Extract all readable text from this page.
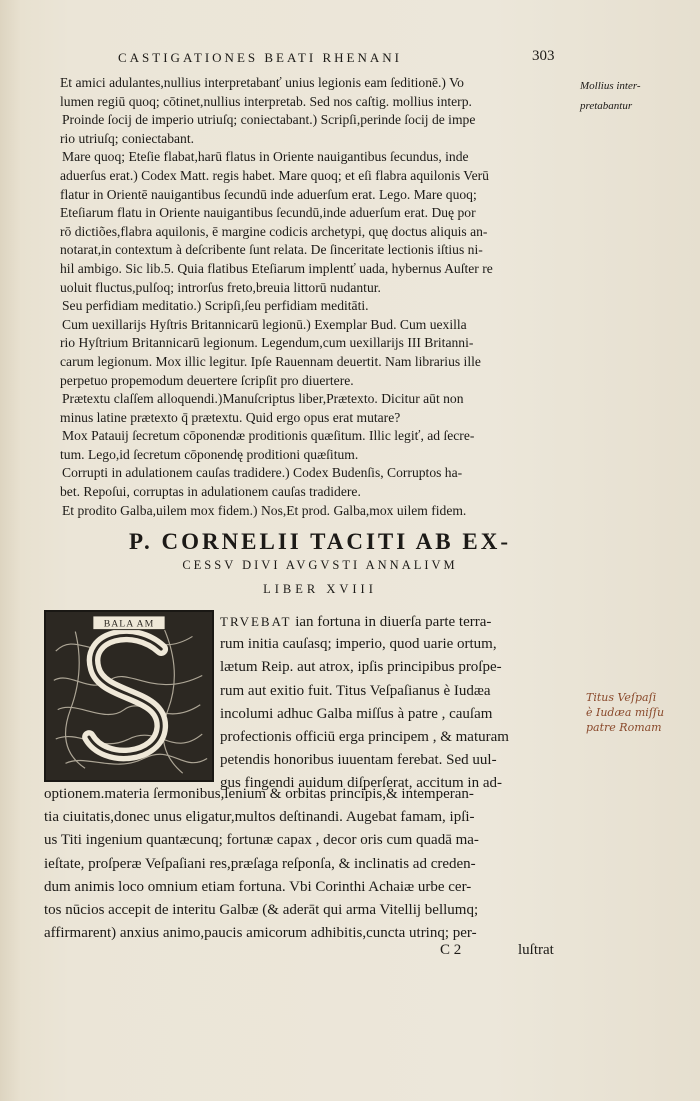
CASTIGATIONES BEATI RHENANI	303
Et amici adulantes,nullius interpretabanť unius legionis eam ſeditionē.) Vo
lumen regiū quoq; cōtinet,nullius interpretab. Sed nos caſtig. mollius interp.
Proinde ſocij de imperio utriuſq; coniectabant.) Scripſi,perinde ſocij de impe
rio utriuſq; coniectabant.
Mare quoq; Eteſie flabat,harū flatus in Oriente nauigantibus ſecundus, inde
aduerſus erat.) Codex Matt. regis habet. Mare quoq; et eſi flabra aquilonis Verū
flatur in Orientē nauigantibus ſecundū inde aduerſum erat. Lego. Mare quoq;
Eteſiarum flatu in Oriente nauigantibus ſecundū,inde aduerſum erat. Duę por
rō dictiões,flabra aquilonis, ē margine codicis archetypi, quę doctus aliquis an-
notarat,in contextum à deſcribente ſunt relata. De ſinceritate lectionis iſtius ni-
hil ambigo. Sic lib.5. Quia flatibus Eteſiarum implentť uada, hybernus Auſter re
uoluit fluctus,pulſoq; introrſus freto,breuia littorū nudantur.
Seu perfidiam meditatio.) Scripſi,ſeu perfidiam meditāti.
Cum uexillarijs Hyſtris Britannicarū legionū.) Exemplar Bud. Cum uexilla
rio Hyſtrium Britannicarū legionum. Legendum,cum uexillarijs III Britanni-
carum legionum. Mox illic legitur. Ipſe Rauennam deuertit. Nam librarius ille
perpetuo propemodum deuertere ſcripſit pro diuertere.
Prætextu claſſem alloquendi.)Manuſcriptus liber,Prætexto. Dicitur aūt non
minus latine prætexto q̄ prætextu. Quid ergo opus erat mutare?
Mox Patauij ſecretum cōponendæ proditionis quæſitum. Illic legiť, ad ſecre-
tum. Lego,id ſecretum cōponendę proditioni quæſitum.
Corrupti in adulationem cauſas tradidere.) Codex Budenſis, Corruptos ha-
bet. Repoſui, corruptas in adulationem cauſas tradidere.
Et prodito Galba,uilem mox fidem.) Nos,Et prod. Galba,mox uilem fidem.
Mollius inter-
pretabantur
P. CORNELII TACITI AB EX-
CESSV DIVI AVGVSTI ANNALIVM
LIBER XVIII
BALA AM	TRVEBAT ian fortuna in diuerſa parte terra-
rum initia cauſasq; imperio, quod uarie ortum,
lætum Reip. aut atrox, ipſis principibus proſpe-
rum aut exitio fuit. Titus Veſpaſianus è Iudæa
incolumi adhuc Galba miſſus à patre , cauſam
profectionis officiū erga principem , & maturam
petendis honoribus iuuentam ferebat. Sed uul-
gus fingendi auidum diſperſerat, accitum in ad-
optionem.materia ſermonibus,ſenium & orbitas principis,& intemperan-
tia ciuitatis,donec unus eligatur,multos deſtinandi. Augebat famam, ipſi-
us Titi ingenium quantæcunq; fortunæ capax , decor oris cum quadā ma-
ieſtate, proſperæ Veſpaſiani res,præſaga reſponſa, & inclinatis ad creden-
dum animis loco omnium etiam fortuna. Vbi Corinthi Achaiæ urbe cer-
tos nūcios accepit de interitu Galbæ (& aderāt qui arma Vitellij bellumq;
affirmarent) anxius animo,paucis amicorum adhibitis,cuncta utrinq; per-
C 2	luſtrat
Titus Veſpaſi
è Iudæa miſſu
patre Romam
